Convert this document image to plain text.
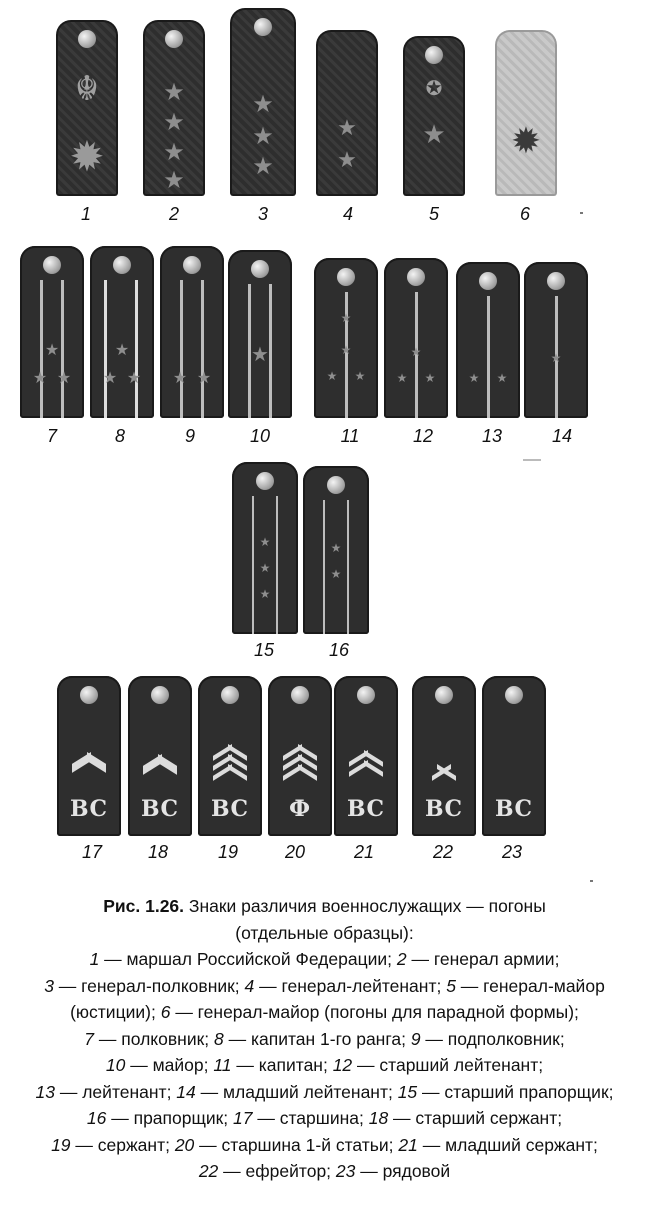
☬
✹
★
★
★
★
★
★
★
★
★
✪
★ ✹
1	2	3	4	5	6
★
★ ★
★
★ ★ ★ ★
★
★
★
★ ★
★
★ ★	★ ★
★
7	8	9	10	11	12	13	14
★
★
★
★
★
15	16
ВС	ВС	ВС	Ф	ВС	ВС	ВС
17	18	19	20	21	22	23
Рис. 1.26. Знаки различия военнослужащих — погоны
(отдельные образцы):
1 — маршал Российской Федерации; 2 — генерал армии;
3 — генерал-полковник; 4 — генерал-лейтенант; 5 — генерал-майор
(юстиции); 6 — генерал-майор (погоны для парадной формы);
7 — полковник; 8 — капитан 1-го ранга; 9 — подполковник;
10 — майор; 11 — капитан; 12 — старший лейтенант;
13 — лейтенант; 14 — младший лейтенант; 15 — старший прапорщик;
16 — прапорщик; 17 — старшина; 18 — старший сержант;
19 — сержант; 20 — старшина 1-й статьи; 21 — младший сержант;
22 — ефрейтор; 23 — рядовой
